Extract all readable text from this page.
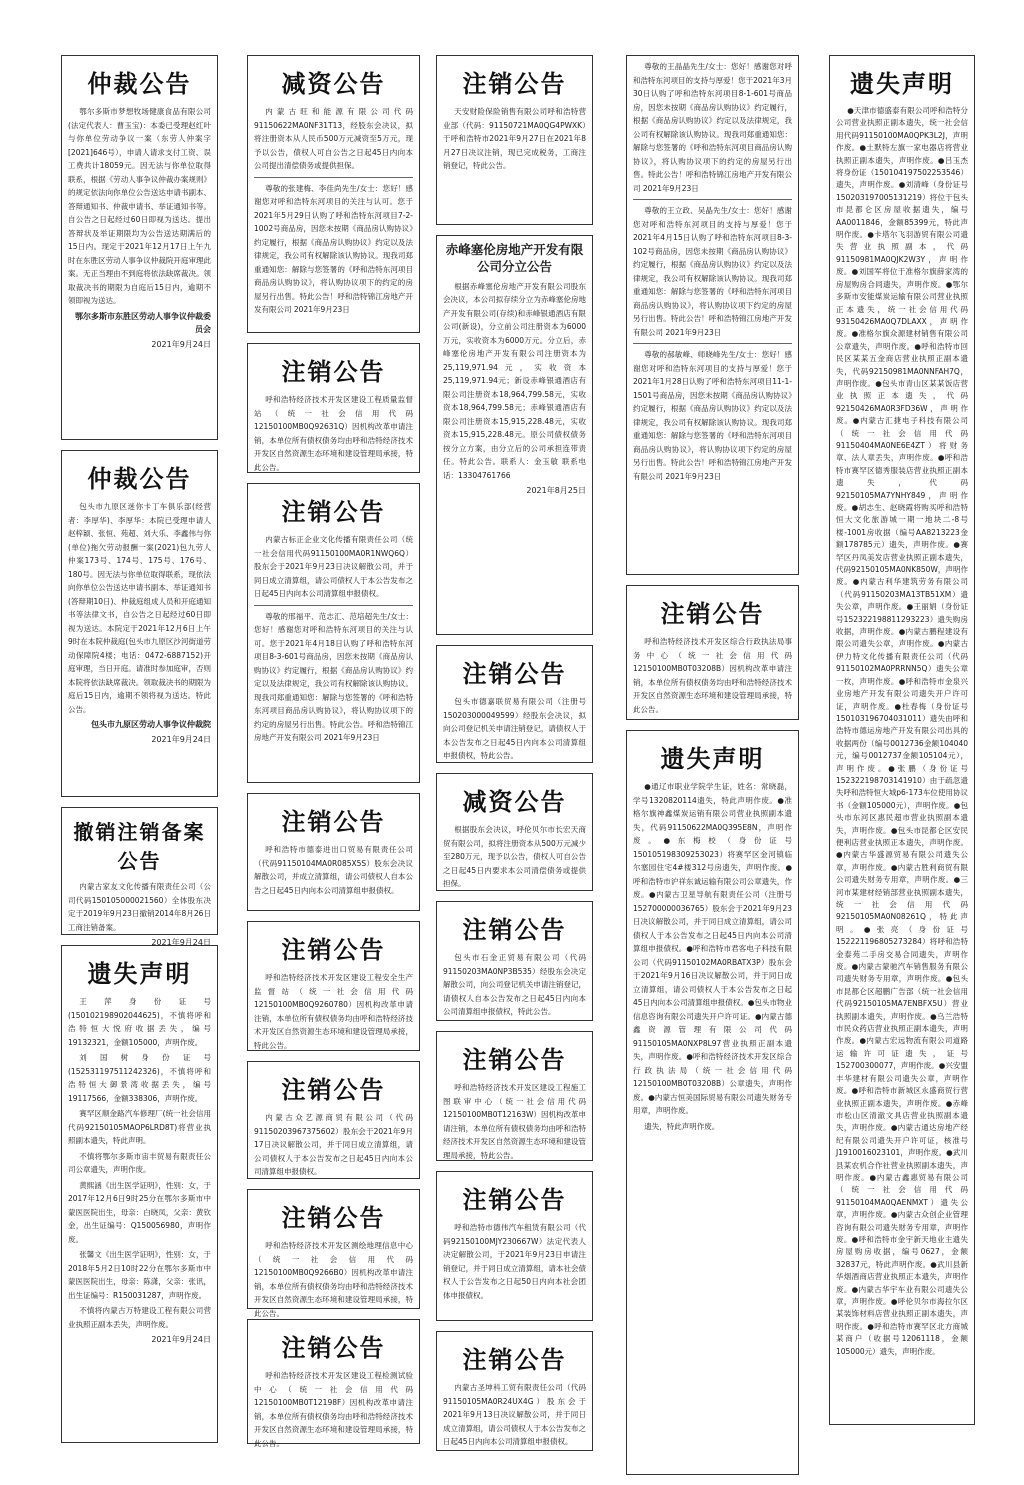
仲裁公告

鄂尔多斯市梦想牧场健康食品有限公司(法定代表人：曹玉宝)：本委已受理赵红叶与你单位劳动争议一案（东劳人仲案字[2021]646号），申请人请求支付工资、误工费共计18059元。因无法与你单位取得联系，根据《劳动人事争议仲裁办案规则》的规定依法向你单位公告送达申请书副本、答辩通知书、仲裁申请书、举证通知书等。自公告之日起经过60日即视为送达。提出答辩状及举证期限均为公告送达期满后的15日内。现定于2021年12月17日上午九时在东胜区劳动人事争议仲裁院开庭审理此案。无正当理由不到庭将依法缺席裁决。领取裁决书的期限为自庭后15日内，逾期不领即视为送达。

鄂尔多斯市东胜区劳动人事争议仲裁委员会
2021年9月24日
仲裁公告

包头市九原区迷你卡丁车俱乐部(经营者：李厚华)、李厚华：本院已受理申请人赵梓颖、张恒、苑超、刘大乐、李鑫伟与你(单位)拖欠劳动报酬一案(2021)包九劳人仲案173号、174号、175号、176号、180号。因无法与你单位取得联系，现依法向你单位公告送达申请书副本、举证通知书(答辩期10日)、仲裁庭组成人员和开庭通知书等法律文书，自公告之日起经过60日即视为送达。本院定于2021年12月6日上午9时在本院仲裁庭(包头市九原区沙河街道劳动保障院4楼；电话：0472-6887152)开庭审理，当日开庭。请准时参加庭审，否则本院将依法缺席裁决。领取裁决书的期限为庭后15日内，逾期不领将视为送达。特此公告。

包头市九原区劳动人事争议仲裁院
2021年9月24日
撤销注销备案公告

内蒙古家友文化传播有限责任公司（公司代码150105000021560）全体股东决定于2019年9月23日撤销2014年8月26日工商注销备案。

2021年9月24日
遗失声明

王萍身份证号(150102198902044625)，不慎将呼和浩特恒大悦府收据丢失，编号19132321，金额105000，声明作废。

刘国树身份证号(152531197511242326)，不慎将呼和浩特恒大御景湾收据丢失，编号19117566，金额338306，声明作废。

赛罕区顺金路汽车修理厂(统一社会信用代码92150105MAOP6LRD8T)将营业执照副本遗失，特此声明。

不慎将鄂尔多斯市宙丰贸易有限责任公司公章遗失，声明作废。

黄熙涵《出生医学证明》，性别：女，于2017年12月6日9时25分在鄂尔多斯市中蒙医医院出生，母亲：白晓凤，父亲：黄钦金，出生证编号：Q150056980，声明作废。

张馨文《出生医学证明》，性别：女，于2018年5月2日10时22分在鄂尔多斯市中蒙医医院出生，母亲：陈潇，父亲：张讯，出生证编号：R150031287，声明作废。

不慎将内蒙古万特建设工程有限公司营业执照正副本丢失，声明作废。

2021年9月24日
减资公告

内蒙古旺和能源有限公司代码91150622MA0NF31T13，经股东会决议，拟将注册资本从人民币500万元减资至5万元，现予以公告，债权人可自公告之日起45日内向本公司提出清偿债务或提供担保。

尊敬的张建梅、李佳尚先生/女士：您好！感谢您对呼和浩特东河项目的关注与认可。您于2021年5月29日认购了呼和浩特东河项目7-2-1002号商品房，因您未按期《商品房认购协议》约定履行，根据《商品房认购协议》约定以及法律规定，我公司有权解除该认购协议。现我司郑重通知您：解除与您签署的《呼和浩特东河项目商品房认购协议》，将认购协议项下的约定的房屋另行出售。特此公告！呼和浩特锦江房地产开发有限公司 2021年9月23日

注销公告

呼和浩特经济技术开发区建设工程质量监督站（统一社会信用代码12150100MB0Q92631Q）因机构改革申请注销，本单位所有债权债务均由呼和浩特经济技术开发区自然资源生态环境和建设管理局承接，特此公告。

注销公告

内蒙古标正企业文化传播有限责任公司（统一社会信用代码91150100MA0R1NWQ6Q）股东会于2021年9月23日决议解散公司，并于同日成立清算组，请公司债权人于本公告发布之日起45日内向本公司清算组申报债权。

尊敬的邢福平、范志汇、范培超先生/女士：您好！感谢您对呼和浩特东河项目的关注与认可。您于2021年4月18日认购了呼和浩特东河项目8-3-601号商品房，因您未按期《商品房认购协议》约定履行，根据《商品房认购协议》约定以及法律规定，我公司有权解除该认购协议。现我司郑重通知您：解除与您签署的《呼和浩特东河项目商品房认购协议》，将认购协议项下的约定的房屋另行出售。特此公告。呼和浩特锦江房地产开发有限公司 2021年9月23日

注销公告

呼和浩特市德泰进出口贸易有限责任公司（代码91150104MA0R085X5S）股东会决议解散公司，并成立清算组，请公司债权人自本公告之日起45日内向本公司清算组申报债权。

注销公告

呼和浩特经济技术开发区建设工程安全生产监督站（统一社会信用代码12150100MB0Q9260780）因机构改革申请注销，本单位所有债权债务均由呼和浩特经济技术开发区自然资源生态环境和建设管理局承接，特此公告。

注销公告

内蒙古众艺源商贸有限公司（代码91150203967375602）股东会于2021年9月17日决议解散公司，并于同日成立清算组，请公司债权人于本公告发布之日起45日内向本公司清算组申报债权。

注销公告

呼和浩特经济技术开发区测绘地理信息中心（统一社会信用代码12150100MB0Q9266B0）因机构改革申请注销，本单位所有债权债务均由呼和浩特经济技术开发区自然资源生态环境和建设管理局承接，特此公告。

注销公告

呼和浩特经济技术开发区建设工程检测试验中心（统一社会信用代码12150100MB0T12198F）因机构改革申请注销，本单位所有债权债务均由呼和浩特经济技术开发区自然资源生态环境和建设管理局承接，特此公告。

注销公告

天安财险保险销售有限公司呼和浩特营业部（代码：91150721MA0QG4PWXK）于呼和浩特市2021年9月27日在2021年8月27日决议注销，现已完成税务，工商注销登记，特此公告。

赤峰塞伦房地产开发有限公司分立公告

根据赤峰塞伦房地产开发有限公司股东会决议，本公司拟存续分立为赤峰塞伦房地产开发有限公司(存续)和赤峰银通酒店有限公司(新设)，分立前公司注册资本为6000万元，实收资本为6000万元。分立后，赤峰塞伦房地产开发有限公司注册资本为25,119,971.94元，实收资本25,119,971.94元；新设赤峰银通酒店有限公司注册资本18,964,799.58元，实收资本18,964,799.58元；赤峰银通酒店有限公司注册资本15,915,228.48元，实收资本15,915,228.48元。原公司债权债务按分立方案，由分立后的公司承担连带责任。特此公告。联系人：金玉敏 联系电话：13304761766

2021年8月25日
注销公告

包头市德嘉联贸易有限公司（注册号150203000049599）经股东会决议，拟向公司登记机关申请注销登记，请债权人于本公告发布之日起45日内向本公司清算组申报债权，特此公告。

减资公告

根据股东会决议，呼伦贝尔市长宏天商贸有限公司，拟将注册资本从500万元减少至280万元，现予以公告，债权人可自公告之日起45日内要求本公司清偿债务或提供担保。

注销公告

包头市石金正贸易有限公司（代码91150203MA0NP3B535）经股东会决定解散公司，向公司登记机关申请注销登记，请债权人自本公告发布之日起45日内向本公司清算组申报债权，特此公告。

注销公告

呼和浩特经济技术开发区建设工程施工图联审中心（统一社会信用代码12150100MB0T12163W）因机构改革申请注销，本单位所有债权债务均由呼和浩特经济技术开发区自然资源生态环境和建设管理局承接，特此公告。

注销公告

呼和浩特市德伟汽车租赁有限公司（代码92150100MJY230667W）法定代表人决定解散公司，于2021年9月23日申请注销登记，并于同日成立清算组，请本社会债权人于公告发布之日起50日内向本社会团体申报债权。

注销公告

内蒙古圣坤科工贸有限责任公司（代码91150105MA0R24UX4G）股东会于2021年9月13日决议解散公司，并于同日成立清算组，请公司债权人于本公告发布之日起45日内向本公司清算组申报债权。

尊敬的王晶晶先生/女士：您好！感谢您对呼和浩特东河项目的支持与厚爱！您于2021年3月30日认购了呼和浩特东河项目8-1-601号商品房，因您未按期《商品房认购协议》约定履行，根据《商品房认购协议》约定以及法律规定，我公司有权解除该认购协议。现我司郑重通知您：解除与您签署的《呼和浩特东河项目商品房认购协议》，将认购协议项下的约定的房屋另行出售。特此公告！呼和浩特锦江房地产开发有限公司 2021年9月23日

尊敬的王立政、吴晶先生/女士：您好！感谢您对呼和浩特东河项目的支持与厚爱！您于2021年4月15日认购了呼和浩特东河项目8-3-102号商品房，因您未按期《商品房认购协议》约定履行，根据《商品房认购协议》约定以及法律规定，我公司有权解除该认购协议。现我司郑重通知您：解除与您签署的《呼和浩特东河项目商品房认购协议》，将认购协议项下约定的房屋另行出售。特此公告！呼和浩特锦江房地产开发有限公司 2021年9月23日

尊敬的郝敏峰、师晓峰先生/女士：您好！感谢您对呼和浩特东河项目的支持与厚爱！您于2021年1月28日认购了呼和浩特东河项目11-1-1501号商品房，因您未按期《商品房认购协议》约定履行，根据《商品房认购协议》约定以及法律规定，我公司有权解除该认购协议。现我司郑重通知您：解除与您签署的《呼和浩特东河项目商品房认购协议》，将认购协议项下约定的房屋另行出售。特此公告！呼和浩特锦江房地产开发有限公司 2021年9月23日

注销公告

呼和浩特经济技术开发区综合行政执法局事务中心（统一社会信用代码12150100MB0T03208B）因机构改革申请注销，本单位所有债权债务均由呼和浩特经济技术开发区自然资源生态环境和建设管理局承接，特此公告。

遗失声明

●通辽市职业学院学生证，姓名：常晓磊，学号1320820114遗失，特此声明作废。●准格尔旗神鑫煤炭运销有限公司营业执照副本遗失，代码91150622MA0Q395E8N，声明作废。●东梅校（身份证号150105198309253023）将赛罕区金河镇临尔塞园住宅4#楼312号房遗失，声明作废。●呼和浩特市沪祥东诚运输有限公司公章遗失，作废。●内蒙古卫星导航有限责任公司（注册号152700000036765）股东会于2021年9月23日决议解散公司，并于同日成立清算组，请公司债权人于本公告发布之日起45日内向本公司清算组申报债权。●呼和浩特市君客电子科技有限公司（代码91150102MA0RBATX3P）股东会于2021年9月16日决议解散公司，并于同日成立清算组，请公司债权人于本公告发布之日起45日内向本公司清算组申报债权。●包头市物业信息咨询有限公司遗失开户许可证。●内蒙古德鑫资源管理有限公司代码91150105MA0NXP8L97营业执照正副本遗失，声明作废。●呼和浩特经济技术开发区综合行政执法局（统一社会信用代码12150100MB0T03208B）公章遗失，声明作废。●内蒙古恒美国际贸易有限公司遗失财务专用章，声明作废。

遗失，特此声明作废。

遗失声明

●天津市德盛泰有限公司呼和浩特分公司营业执照正副本遗失，统一社会信用代码91150100MA0QPK3L2J，声明作废。●土默特左旗一家电器店将营业执照正副本遗失，声明作废。●吕玉杰将身份证（150104197502253546）遗失，声明作废。●刘清峰（身份证号150203197005131219）将位于包头市昆都仑区房屋收据遗失，编号AA0011846，金额85399元，特此声明作废。●卡塔尔飞羽游贸有限公司遗失营业执照副本，代码91150981MA0QJK2W3Y，声明作废。●刘国军将位于准格尔旗薛家湾的房屋购房合同遗失，声明作废。●鄂尔多斯市安能煤炭运输有限公司营业执照正本遗失，统一社会信用代码93150426MA0Q7DLAXX，声明作废。●准格尔旗众源建材销售有限公司公章遗失，声明作废。●呼和浩特市回民区某某五金商店营业执照正副本遗失，代码92150981MA0NNFAH7Q，声明作废。●包头市青山区某某饭店营业执照正本遗失，代码92150426MA0R3FD36W，声明作废。●内蒙古汇捷电子科技有限公司（统一社会信用代码91150404MA0NE6E4ZT）将财务章、法人章丢失，声明作废。●呼和浩特市赛罕区德秀服装店营业执照正副本遗失，代码92150105MA7YNHY849，声明作废。●胡志生、赵晓霞将购买呼和浩特恒大文化旅游城一期一地块二-8号楼-1001房收据（编号AA8213223金额178785元）遗失，声明作废。●赛罕区丹凤美发店营业执照正副本遗失，代码92150105MA0NK850W，声明作废。●内蒙古利华建筑劳务有限公司（代码91150203MA13TB51XM）遗失公章，声明作废。●王丽娟（身份证号152322198811293223）遗失购房收据，声明作废。●内蒙古鹏程建设有限公司遗失公章，声明作废。●内蒙古伊力特文化传播有限责任公司（代码91150102MA0PRRNN5Q）遗失公章一枚，声明作废。●呼和浩特市金泉兴业房地产开发有限公司遗失开户许可证，声明作废。●杜春梅（身份证号150103196704031011）遗失由呼和浩特市德运房地产开发有限公司出具的收据两份（编号0012736金额104040元，编号0012737金额105104元），声明作废。●张鹏（身份证号152322198703141910）由于疏忽遗失呼和浩特恒大城p6-173车位使用协议书（金额105000元），声明作废。●包头市东河区惠民超市营业执照副本遗失，声明作废。●包头市昆都仑区安民便利店营业执照正本遗失，声明作废。●内蒙古华盛源贸易有限公司遗失公章，声明作废。●内蒙古胜利商贸有限公司遗失财务专用章，声明作废。●三河市某建材经销部营业执照副本遗失，统一社会信用代码92150105MA0N08261Q，特此声明。●张亮（身份证号152221196805273284）将呼和浩特金泰苑二手房交易合同遗失，声明作废。●内蒙古蒙驰汽车销售服务有限公司遗失财务专用章，声明作废。●包头市昆都仑区超鹏广告部（统一社会信用代码92150105MA7ENBFX5U）营业执照副本遗失，声明作废。●乌兰浩特市民众药店营业执照正副本遗失，声明作废。●内蒙古宏远物流有限公司道路运输许可证遗失，证号152700300077，声明作废。●兴安盟丰华建材有限公司遗失公章，声明作废。●呼和浩特市新城区永盛商贸行营业执照正副本遗失，声明作废。●赤峰市松山区清澈文具店营业执照副本遗失，声明作废。●内蒙古通达房地产经纪有限公司遗失开户许可证，核准号J1910016023101，声明作废。●武川县某农机合作社营业执照副本遗失，声明作废。●内蒙古鑫惠贸易有限公司（统一社会信用代码91150104MA0QAENMXT）遗失公章，声明作废。●内蒙古众创企业管理咨询有限公司遗失财务专用章，声明作废。●呼和浩特市金宇新天地业主遗失房屋购房收据，编号0627，金额32837元，特此声明作废。●武川县新华烟酒商店营业执照正本遗失，声明作废。●内蒙古华宇车业有限公司遗失公章，声明作废。●呼伦贝尔市海拉尔区某装饰材料店营业执照正副本遗失，声明作废。●呼和浩特市赛罕区北方商城某商户（收据号12061118，金额105000元）遗失，声明作废。
